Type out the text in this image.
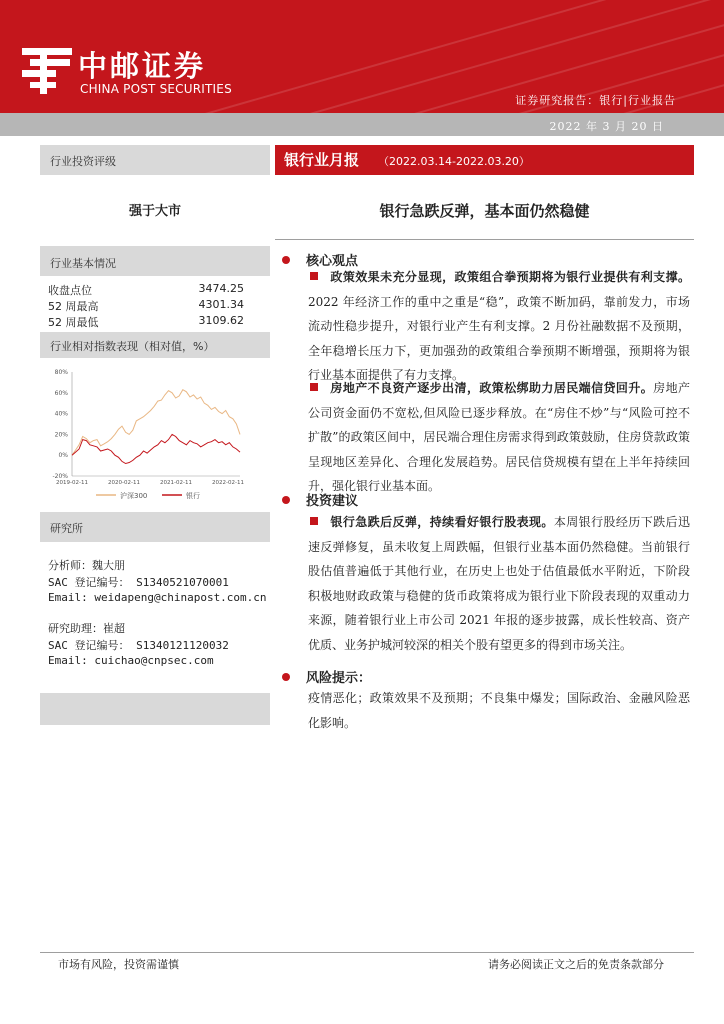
中邮证券
CHINA POST SECURITIES
证券研究报告：银行|行业报告
2022 年 3 月 20 日
行业投资评级
强于大市
行业基本情况
收盘点位	3474.25
52 周最高	4301.34
52 周最低	3109.62
行业相对指数表现（相对值，%）
80%
60%
40%
20%
0%
-20%
2019-02-11	2020-02-11	2021-02-11	2022-02-11
沪深300	银行
研究所
分析师：魏大朋
SAC 登记编号： S1340521070001
Email: weidapeng@chinapost.com.cn
研究助理：崔超
SAC 登记编号： S1340121120032
Email: cuichao@cnpsec.com
银行业月报 （2022.03.14-2022.03.20）
银行急跌反弹，基本面仍然稳健
核心观点
政策效果未充分显现，政策组合拳预期将为银行业提供有利支撑。2022 年经济工作的重中之重是“稳”，政策不断加码，靠前发力，市场流动性稳步提升，对银行业产生有利支撑。2 月份社融数据不及预期，全年稳增长压力下，更加强劲的政策组合拳预期不断增强，预期将为银行业基本面提供了有力支撑。
房地产不良资产逐步出清，政策松绑助力居民端信贷回升。房地产公司资金面仍不宽松,但风险已逐步释放。在“房住不炒”与“风险可控不扩散”的政策区间中，居民端合理住房需求得到政策鼓励，住房贷款政策呈现地区差异化、合理化发展趋势。居民信贷规模有望在上半年持续回升，强化银行业基本面。
投资建议
银行急跌后反弹，持续看好银行股表现。本周银行股经历下跌后迅速反弹修复，虽未收复上周跌幅，但银行业基本面仍然稳健。当前银行股估值普遍低于其他行业，在历史上也处于估值最低水平附近，下阶段积极地财政政策与稳健的货币政策将成为银行业下阶段表现的双重动力来源，随着银行业上市公司 2021 年报的逐步披露，成长性较高、资产优质、业务护城河较深的相关个股有望更多的得到市场关注。
风险提示：
疫情恶化；政策效果不及预期；不良集中爆发；国际政治、金融风险恶化影响。
市场有风险，投资需谨慎	请务必阅读正文之后的免责条款部分
